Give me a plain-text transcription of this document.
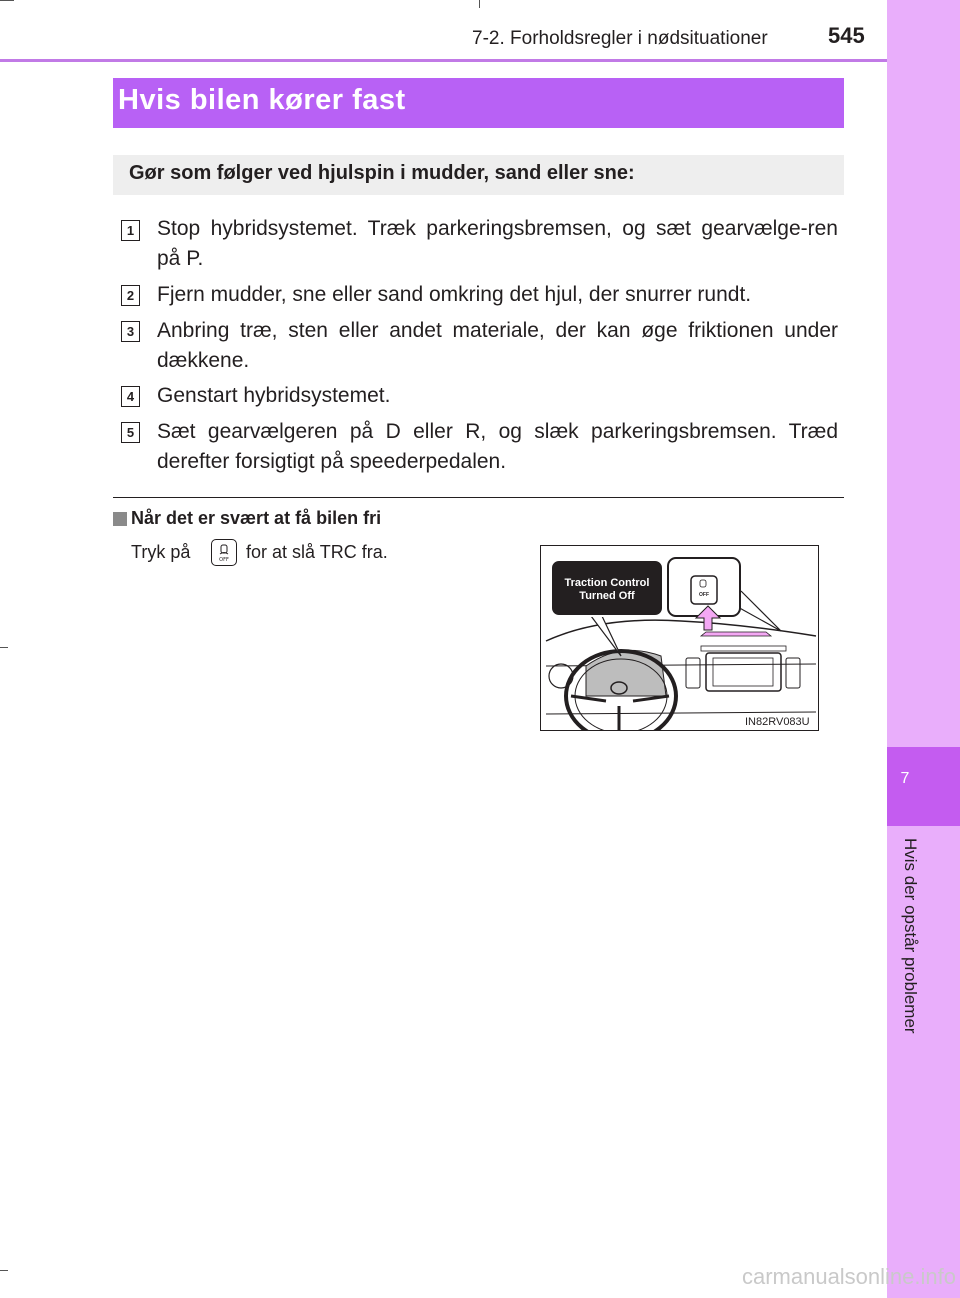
7
Hvis der opstår problemer
7-2. Forholdsregler i nødsituationer	545
Hvis bilen kører fast
Gør som følger ved hjulspin i mudder, sand eller sne:
1 Stop hybridsystemet. Træk parkeringsbremsen, og sæt gearvælge-ren på P.
2 Fjern mudder, sne eller sand omkring det hjul, der snurrer rundt.
3 Anbring træ, sten eller andet materiale, der kan øge friktionen under dækkene.
4 Genstart hybridsystemet.
5 Sæt gearvælgeren på D eller R, og slæk parkeringsbremsen. Træd derefter forsigtigt på speederpedalen.
Når det er svært at få bilen fri
Tryk på	OFF for at slå TRC fra.
Traction Control
Turned Off	OFF
IN82RV083U
carmanualsonline.info
